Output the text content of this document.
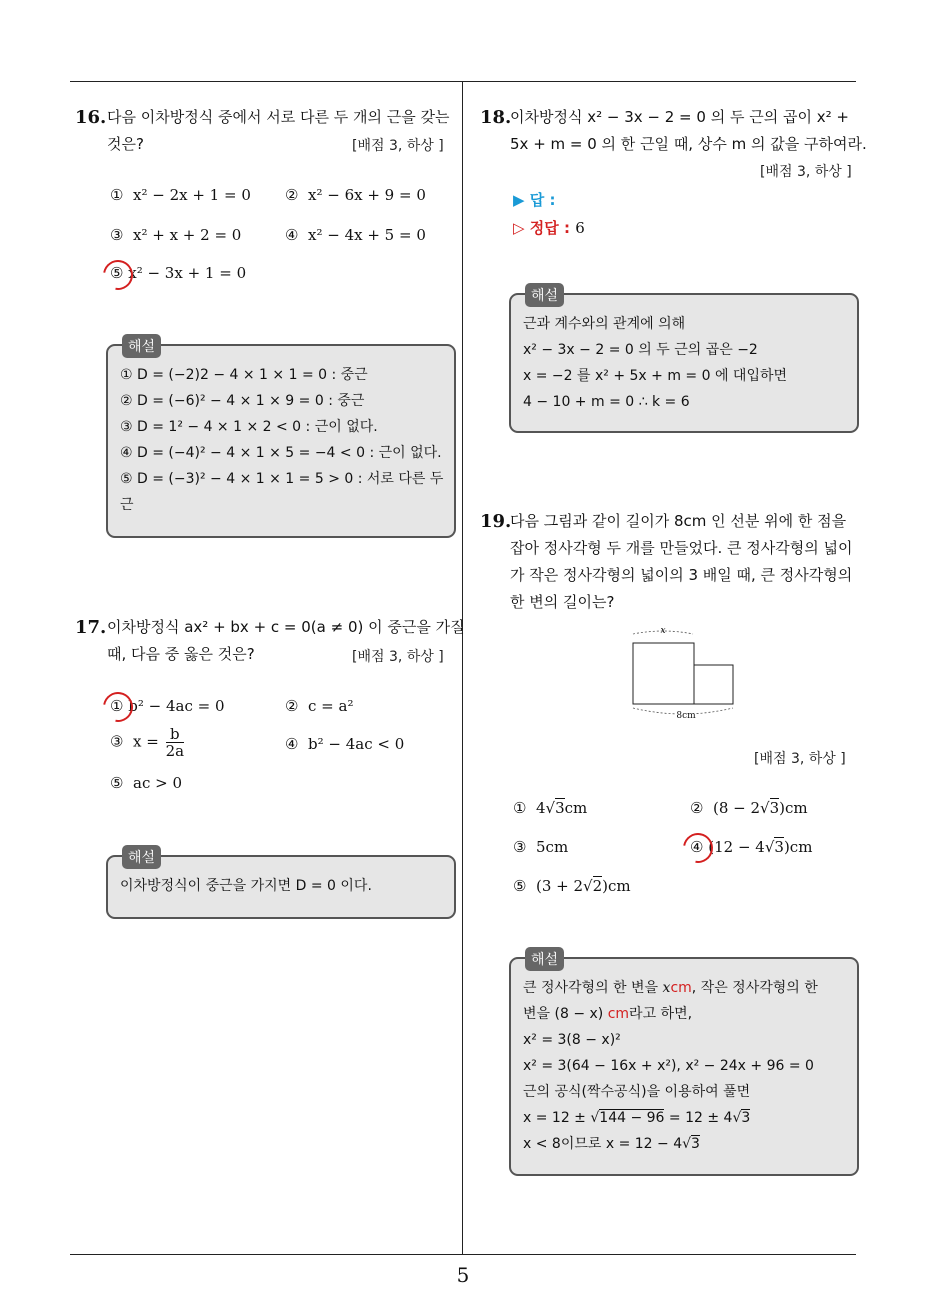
5
16. 다음 이차방정식 중에서 서로 다른 두 개의 근을 갖는
것은?	[배점 3, 하상 ]
① x² − 2x + 1 = 0 ② x² − 6x + 9 = 0
③ x² + x + 2 = 0	④ x² − 4x + 5 = 0
⑤ x² − 3x + 1 = 0
해설
① D = (−2)2 − 4 × 1 × 1 = 0 : 중근
② D = (−6)² − 4 × 1 × 9 = 0 : 중근
③ D = 1² − 4 × 1 × 2 < 0 : 근이 없다.
④ D = (−4)² − 4 × 1 × 5 = −4 < 0 : 근이 없다.
⑤ D = (−3)² − 4 × 1 × 1 = 5 > 0 : 서로 다른 두
근
17. 이차방정식 ax² + bx + c = 0(a ≠ 0) 이 중근을 가질
때, 다음 중 옳은 것은?	[배점 3, 하상 ]
① b² − 4ac = 0	② c = a²
③ $x = \frac{b}{2a}$	④ b² − 4ac < 0
⑤ ac > 0
해설
이차방정식이 중근을 가지면 D = 0 이다.
18.
이차방정식 x² − 3x − 2 = 0 의 두 근의 곱이 x² +
5x + m = 0 의 한 근일 때, 상수 m 의 값을 구하여라.
[배점 3, 하상 ]
▶ 답 :
▷ 정답 : 6
해설
근과 계수와의 관계에 의해
x² − 3x − 2 = 0 의 두 근의 곱은 −2
x = −2 를 x² + 5x + m = 0 에 대입하면
4 − 10 + m = 0 ∴ k = 6
19.
다음 그림과 같이 길이가 8cm 인 선분 위에 한 점을
잡아 정사각형 두 개를 만들었다. 큰 정사각형의 넓이
가 작은 정사각형의 넓이의 3 배일 때, 큰 정사각형의
한 변의 길이는?
x
8cm
[배점 3, 하상 ]
① 4√3cm	② (8 − 2√3)cm
③ 5cm	④ (12 − 4√3)cm
⑤ (3 + 2√2)cm
해설
큰 정사각형의 한 변을 xcm, 작은 정사각형의 한
변을 (8 − x) cm라고 하면,
x² = 3(8 − x)²
x² = 3(64 − 16x + x²), x² − 24x + 96 = 0
근의 공식(짝수공식)을 이용하여 풀면
x = 12 ± √144 − 96 = 12 ± 4√3
x < 8이므로 x = 12 − 4√3
